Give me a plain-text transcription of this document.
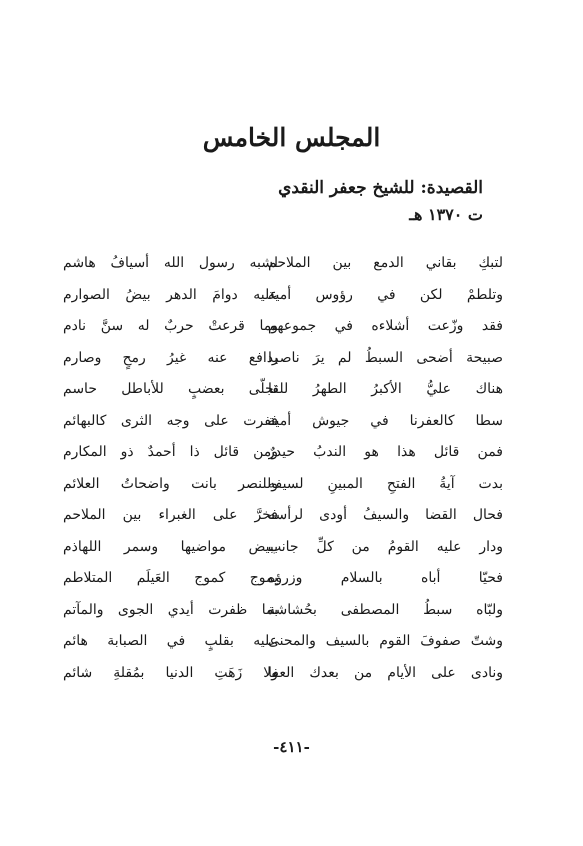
المجلس الخامس
القصيدة: للشيخ جعفر النقدي
ت ١٣٧٠ هـ
لتبكِ بقاني الدمع بين الملاحم
وتلطمْ لكن في رؤوس أمية
فقد وزّعت أشلاءه في جموعهم
صبيحة أضحى السبطُ لم يرَ ناصرا
هناك عليُّ الأكبرُ الطهرُ للقا
سطا كالعفرنا في جيوش أمية
فمن قائل هذا هو الندبُ حيدرٌ
بدت آيةُ الفتحِ المبينِ لسيفه
فحال القضا والسيفُ أودى لرأسه
ودار عليه القومُ من كلِّ جانب
فحيّا أباه بالسلام وزرؤه
ولبّاه سبطُ المصطفى بحُشاشة
وشتّ صفوفَ القوم بالسيف والمحنى
ونادى على الأيام من بعدك العفا
لشبه رسول الله أسيافُ هاشم
عليه دوامَ الدهر بيضُ الصوارم
وما قرعتْ حربٌ له سنَّ نادم
يدافع عنه غيرُ رمحٍ وصارم
تجلّى بعضبٍ للأباطل حاسم
ففرت على وجه الثرى كالبهائم
ومن قائل ذا أحمدٌ ذو المكارم
وللنصر بانت واضحاتُ العلائم
فخرَّ على الغبراء بين الملاحم
ببيض مواضيها وسمر اللهاذم
يموج كموج العَيلَم المتلاطم
بما ظفرت أيدي الجوى والمآتم
عليه بقلبٍ في الصبابة هائم
ولا زَهَتِ الدنيا بمُقلةِ شائم
-٤١١-
